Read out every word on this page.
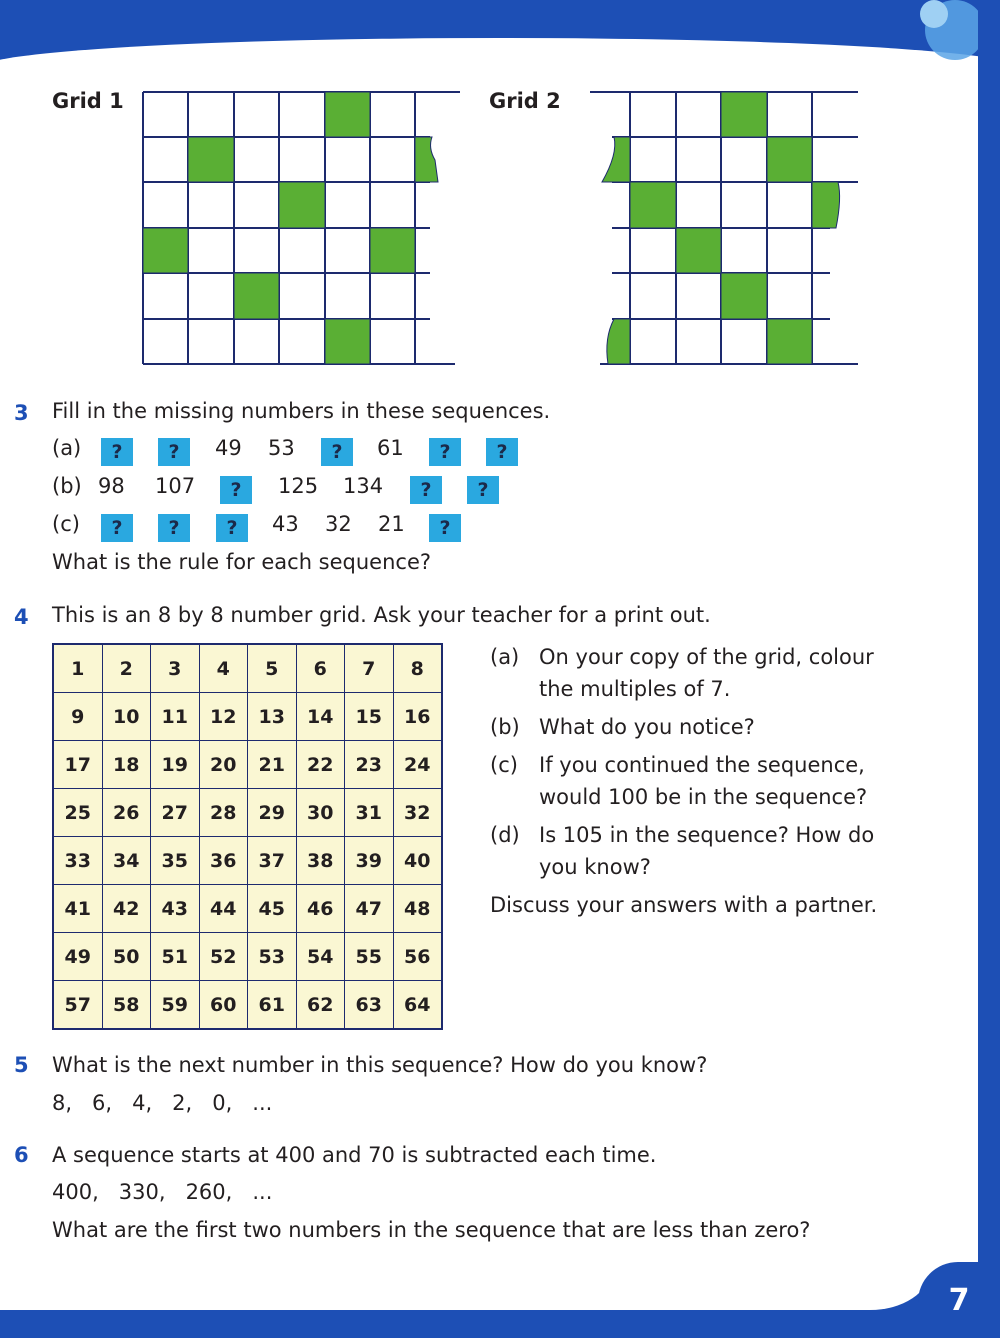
7
Grid 1	Grid 2
3 Fill in the missing numbers in these sequences.
(a)	?	?	49 53	?	61	?	?
(b) 98 107	?	125 134	?	?
(c)	?	?	?	43 32 21	?
What is the rule for each sequence?
4 This is an 8 by 8 number grid. Ask your teacher for a print out.
1	2	3	4	5	6	7	8
9	10	11	12	13	14	15	16
17	18	19	20	21	22	23	24
25	26	27	28	29	30	31	32
33	34	35	36	37	38	39	40
41	42	43	44	45	46	47	48
49	50	51	52	53	54	55	56
57	58	59	60	61	62	63	64
(a) On your copy of the grid, colour
the multiples of 7.
(b) What do you notice?
(c) If you continued the sequence,
would 100 be in the sequence?
(d) Is 105 in the sequence? How do
you know?
Discuss your answers with a partner.
5 What is the next number in this sequence? How do you know?
8,   6,   4,   2,   0,   ...
6 A sequence starts at 400 and 70 is subtracted each time.
400,   330,   260,   ...
What are the first two numbers in the sequence that are less than zero?
